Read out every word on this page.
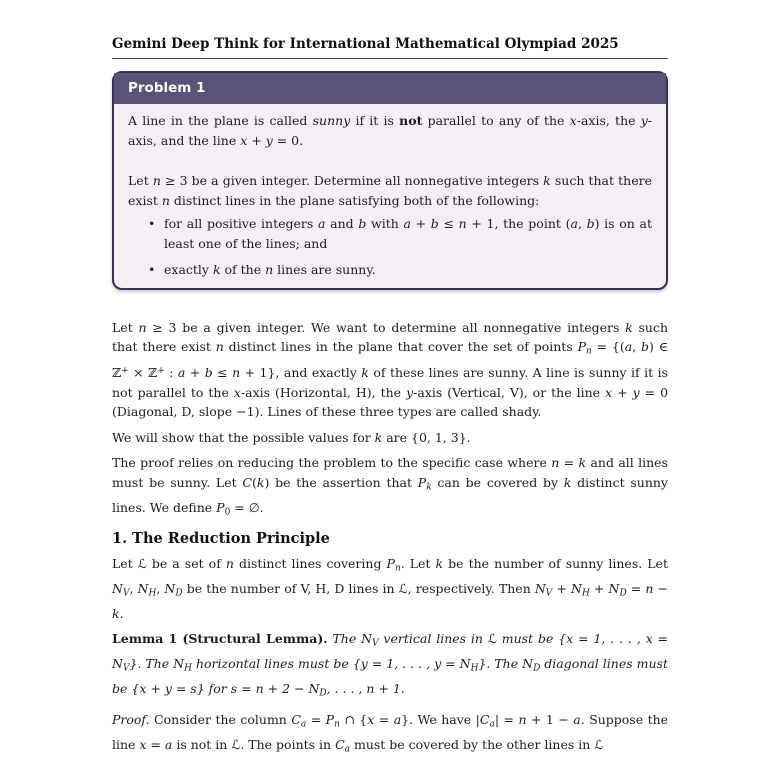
Gemini Deep Think for International Mathematical Olympiad 2025
Problem 1

A line in the plane is called sunny if it is not parallel to any of the x-axis, the y-axis, and the line x + y = 0.

Let n ≥ 3 be a given integer. Determine all nonnegative integers k such that there exist n distinct lines in the plane satisfying both of the following:

• for all positive integers a and b with a + b ≤ n + 1, the point (a, b) is on at least one of the lines; and
• exactly k of the n lines are sunny.

Let n ≥ 3 be a given integer. We want to determine all nonnegative integers k such that there exist n distinct lines in the plane that cover the set of points $P_n = \{(a$, b) ∈ ℤ+ × ℤ+ : a + b ≤ n + 1}, and exactly k of these lines are sunny. A line is sunny if it is not parallel to the x-axis (Horizontal, H), the y-axis (Vertical, V), or the line x + y = 0 (Diagonal, D, slope −1). Lines of these three types are called shady.

We will show that the possible values for k are {0, 1, 3}.

The proof relies on reducing the problem to the specific case where n = k and all lines must be sunny. Let C(k) be the assertion that $P_k$ can be covered by k distinct sunny lines. We define $P_0$ = ∅.

1. The Reduction Principle

Let ℒ be a set of n distinct lines covering $P_n$. Let k be the number of sunny lines. Let $N_V$, $N_H$, $N_D$ be the number of V, H, D lines in ℒ, respectively. Then $N_V + N_H + N_D = n - k$.

Lemma 1 (Structural Lemma). The $N_V$ vertical lines in ℒ must be {x = 1, . . . , $x = N_V$}. The $N_H$ horizontal lines must be {y = 1, . . . , $y = N_H$}. The $N_D$ diagonal lines must be {x + y = s} for $s = n + 2 - N_D$, . . . , n + 1.

Proof. Consider the column $C_a = P_n$ ∩ {x = a}. We have $|C_a| = n + 1 - a$. Suppose the line x = a is not in ℒ. The points in $C_a$ must be covered by the other lines in ℒ
